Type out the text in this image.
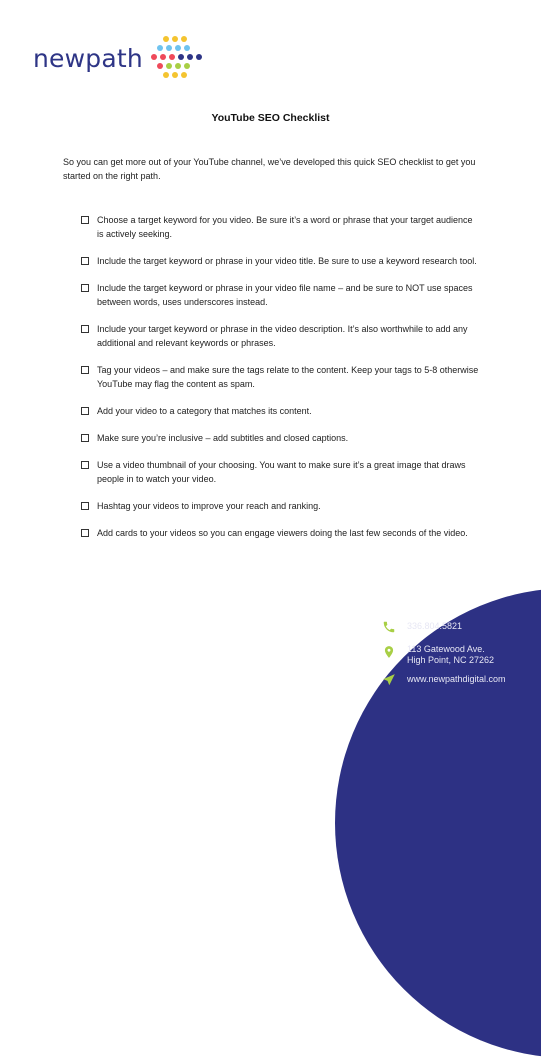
newpath
YouTube SEO Checklist
So you can get more out of your YouTube channel, we’ve developed this quick SEO checklist to get you started on the right path.
Choose a target keyword for you video. Be sure it’s a word or phrase that your target audience is actively seeking.
Include the target keyword or phrase in your video title. Be sure to use a keyword research tool.
Include the target keyword or phrase in your video file name – and be sure to NOT use spaces between words, uses underscores instead.
Include your target keyword or phrase in the video description. It’s also worthwhile to add any additional and relevant keywords or phrases.
Tag your videos – and make sure the tags relate to the content. Keep your tags to 5-8 otherwise YouTube may flag the content as spam.
Add your video to a category that matches its content.
Make sure you’re inclusive – add subtitles and closed captions.
Use a video thumbnail of your choosing. You want to make sure it’s a great image that draws people in to watch your video.
Hashtag your videos to improve your reach and ranking.
Add cards to your videos so you can engage viewers doing the last few seconds of the video.
336.804.5821
113 Gatewood Ave.
High Point, NC 27262
www.newpathdigital.com
